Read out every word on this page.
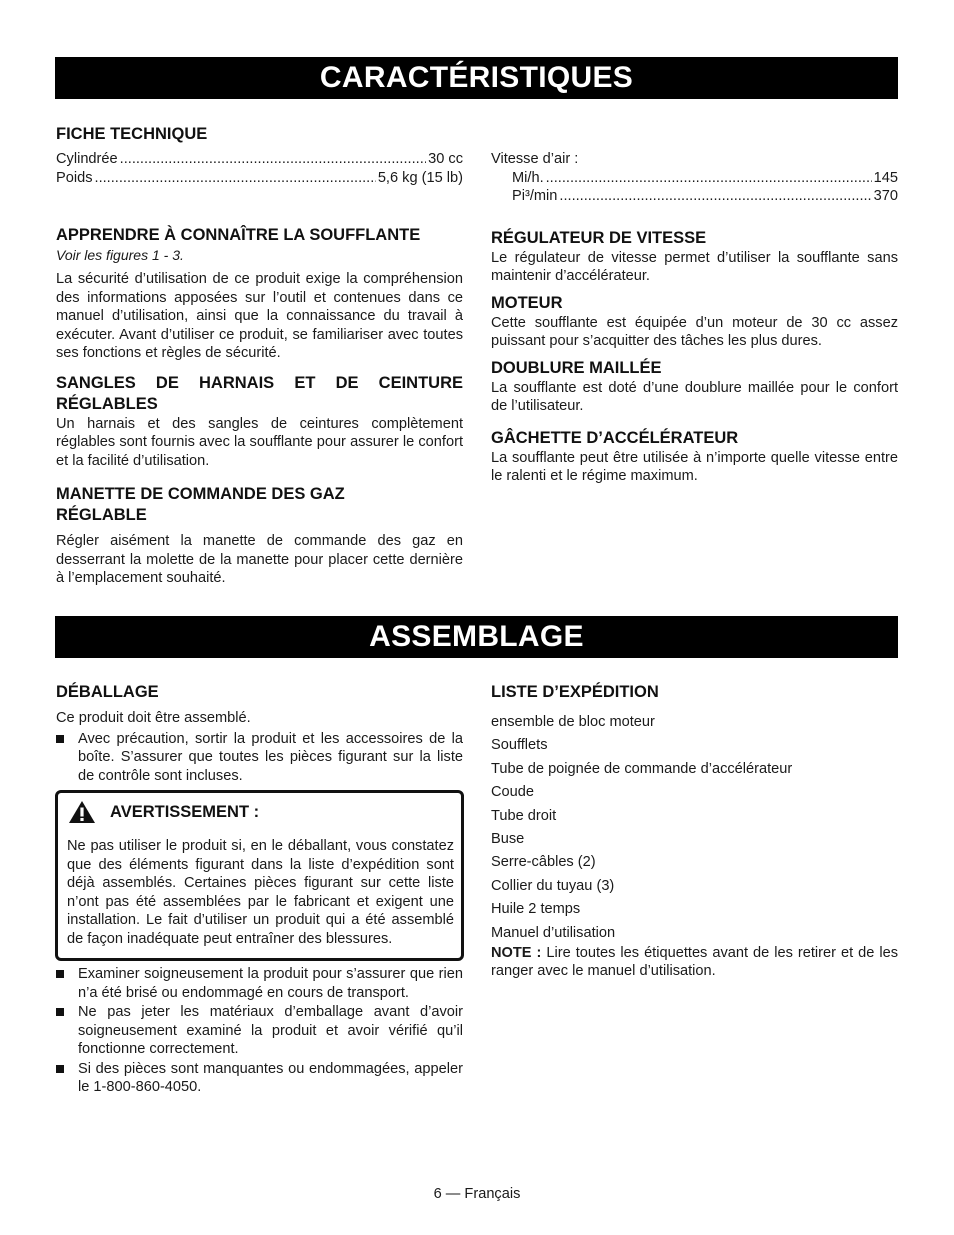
CARACTÉRISTIQUES

FICHE TECHNIQUE

Cylindrée .....	30 cc
Poids .....	5,6 kg (15 lb)

APPRENDRE À CONNAÎTRE LA SOUFFLANTE

Voir les figures 1 - 3.

La sécurité d’utilisation de ce produit exige la compréhension des informations apposées sur l’outil et contenues dans ce manuel d’utilisation, ainsi que la connaissance du travail à exécuter. Avant d’utiliser ce produit, se familiariser avec toutes ses fonctions et règles de sécurité.

SANGLES DE HARNAIS ET DE CEINTURE RÉGLABLES

Un harnais et des sangles de ceintures complètement réglables sont fournis avec la soufflante pour assurer le confort et la facilité d’utilisation.

MANETTE DE COMMANDE DES GAZ RÉGLABLE

Régler aisément la manette de commande des gaz en desserrant la molette de la manette pour placer cette dernière à l’emplacement souhaité.

Vitesse d’air :

Mi/h. .....	145
Pi³/min .....	370

RÉGULATEUR DE VITESSE

Le régulateur de vitesse permet d’utiliser la soufflante sans maintenir d’accélérateur.

MOTEUR

Cette soufflante est équipée d’un moteur de 30 cc assez puissant pour s’acquitter des tâches les plus dures.

DOUBLURE MAILLÉE

La soufflante est doté d’une doublure maillée pour le confort de l’utilisateur.

GÂCHETTE D’ACCÉLÉRATEUR

La soufflante peut être utilisée à n’importe quelle vitesse entre le ralenti et le régime maximum.

ASSEMBLAGE

DÉBALLAGE

Ce produit doit être assemblé.

Avec précaution, sortir la produit et les accessoires de la boîte. S’assurer que toutes les pièces figurant sur la liste de contrôle sont incluses.
AVERTISSEMENT :

Ne pas utiliser le produit si, en le déballant, vous constatez que des éléments figurant dans la liste d’expédition sont déjà assemblés. Certaines pièces figurant sur cette liste n’ont pas été assemblées par le fabricant et exigent une installation. Le fait d’utiliser un produit qui a été assemblé de façon inadéquate peut entraîner des blessures.

Examiner soigneusement la produit pour s’assurer que rien n’a été brisé ou endommagé en cours de transport.
Ne pas jeter les matériaux d’emballage avant d’avoir soigneusement examiné la produit et avoir vérifié qu’il fonctionne correctement.
Si des pièces sont manquantes ou endommagées, appeler le 1-800-860-4050.

LISTE D’EXPÉDITION

ensemble de bloc moteur

Soufflets

Tube de poignée de commande d’accélérateur

Coude

Tube droit

Buse

Serre-câbles (2)

Collier du tuyau (3)

Huile 2 temps

Manuel d’utilisation

NOTE : Lire toutes les étiquettes avant de les retirer et de les ranger avec le manuel d’utilisation.

6 — Français
